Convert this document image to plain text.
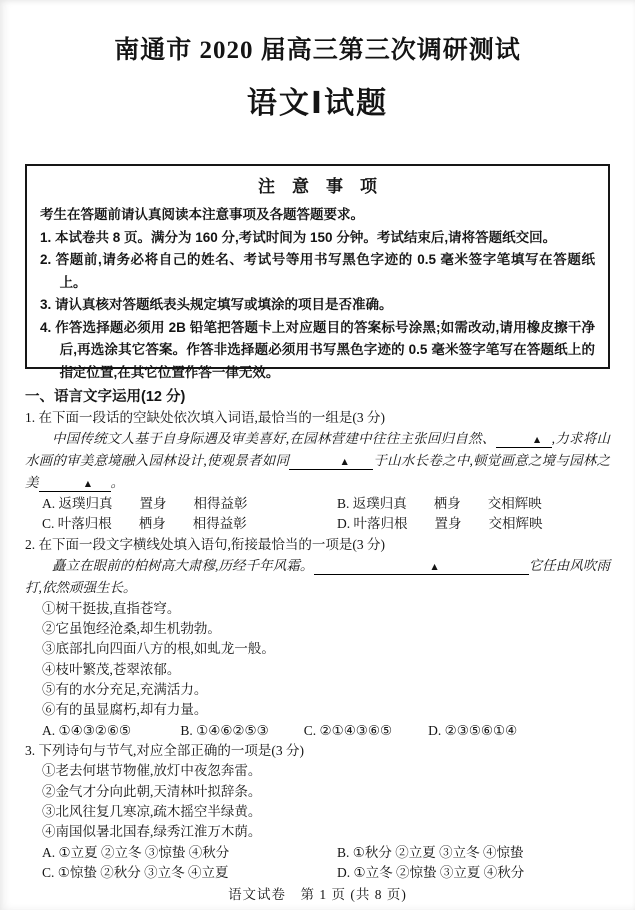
南通市 2020 届高三第三次调研测试
语文Ⅰ试题
注　意　事　项
考生在答题前请认真阅读本注意事项及各题答题要求。
1. 本试卷共 8 页。满分为 160 分,考试时间为 150 分钟。考试结束后,请将答题纸交回。
2. 答题前,请务必将自己的姓名、考试号等用书写黑色字迹的 0.5 毫米签字笔填写在答题纸上。
3. 请认真核对答题纸表头规定填写或填涂的项目是否准确。
4. 作答选择题必须用 2B 铅笔把答题卡上对应题目的答案标号涂黑;如需改动,请用橡皮擦干净后,再选涂其它答案。作答非选择题必须用书写黑色字迹的 0.5 毫米签字笔写在答题纸上的指定位置,在其它位置作答一律无效。
一、语言文字运用(12 分)
1. 在下面一段话的空缺处依次填入词语,最恰当的一组是(3 分)

中国传统文人基于自身际遇及审美喜好,在园林营建中往往主张回归自然、	▲ ,力求将山水画的审美意境融入园林设计,使观景者如同	▲ 于山水长卷之中,顿觉画意之境与园林之美	▲ 。

A. 返璞归真　　置身　　相得益彰	B. 返璞归真　　栖身　　交相辉映
C. 叶落归根　　栖身　　相得益彰	D. 叶落归根　　置身　　交相辉映
2. 在下面一段文字横线处填入语句,衔接最恰当的一项是(3 分)

矗立在眼前的柏树高大肃穆,历经千年风霜。	▲	它任由风吹雨打,依然顽强生长。

①树干挺拔,直指苍穹。
②它虽饱经沧桑,却生机勃勃。
③底部扎向四面八方的根,如虬龙一般。
④枝叶繁茂,苍翠浓郁。
⑤有的水分充足,充满活力。
⑥有的虽显腐朽,却有力量。
A. ①④③②⑥⑤	B. ①④⑥②⑤③	C. ②①④③⑥⑤	D. ②③⑤⑥①④
3. 下列诗句与节气,对应全部正确的一项是(3 分)
①老去何堪节物催,放灯中夜忽奔雷。
②金气才分向此朝,天清林叶拟辞条。
③北风往复几寒凉,疏木摇空半绿黄。
④南国似暑北国春,绿秀江淮万木荫。
A. ①立夏 ②立冬 ③惊蛰 ④秋分	B. ①秋分 ②立夏 ③立冬 ④惊蛰
C. ①惊蛰 ②秋分 ③立冬 ④立夏	D. ①立冬 ②惊蛰 ③立夏 ④秋分
语文试卷　第 1 页 (共 8 页)
